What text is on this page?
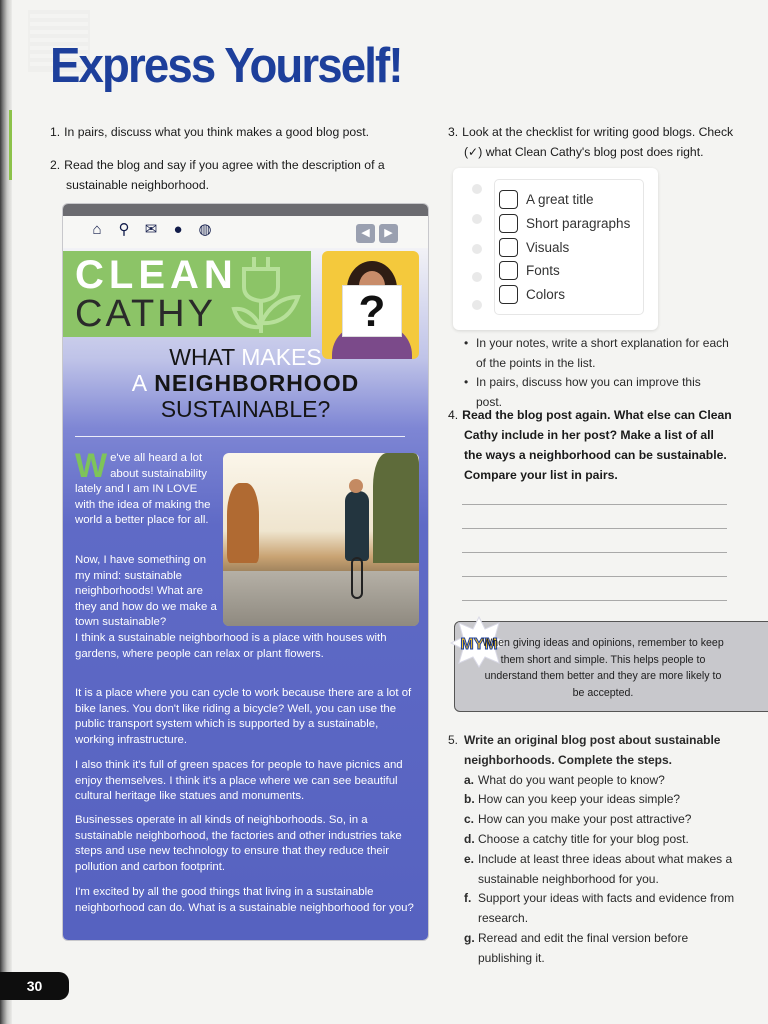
Express Yourself!
1. In pairs, discuss what you think makes a good blog post.
2. Read the blog and say if you agree with the description of a sustainable neighborhood.
⌂ ⚲ ✉ ● ◍	◀	▶
CLEAN
CATHY	?
WHAT MAKES
A NEIGHBORHOOD
SUSTAINABLE?
We've all heard a lot about sustainability lately and I am IN LOVE with the idea of making the world a better place for all.
Now, I have something on my mind: sustainable neighborhoods! What are they and how do we make a town sustainable?
I think a sustainable neighborhood is a place with houses with gardens, where people can relax or plant flowers.
It is a place where you can cycle to work because there are a lot of bike lanes. You don't like riding a bicycle? Well, you can use the public transport system which is supported by a sustainable, working infrastructure.
I also think it's full of green spaces for people to have picnics and enjoy themselves. I think it's a place where we can see beautiful cultural heritage like statues and monuments.
Businesses operate in all kinds of neighborhoods. So, in a sustainable neighborhood, the factories and other industries take steps and use new technology to ensure that they reduce their pollution and carbon footprint.
I'm excited by all the good things that living in a sustainable neighborhood can do. What is a sustainable neighborhood for you?
3. Look at the checklist for writing good blogs. Check (✓) what Clean Cathy's blog post does right.
A great title
Short paragraphs
Visuals
Fonts
Colors
• In your notes, write a short explanation for each of the points in the list.
• In pairs, discuss how you can improve this post.
4. Read the blog post again. What else can Clean Cathy include in her post? Make a list of all the ways a neighborhood can be sustainable. Compare your list in pairs.
MYM
When giving ideas and opinions, remember to keep them short and simple. This helps people to understand them better and they are more likely to be accepted.
5. Write an original blog post about sustainable neighborhoods. Complete the steps.
a. What do you want people to know?
b. How can you keep your ideas simple?
c. How can you make your post attractive?
d. Choose a catchy title for your blog post.
e. Include at least three ideas about what makes a sustainable neighborhood for you.
f. Support your ideas with facts and evidence from research.
g. Reread and edit the final version before publishing it.
30
